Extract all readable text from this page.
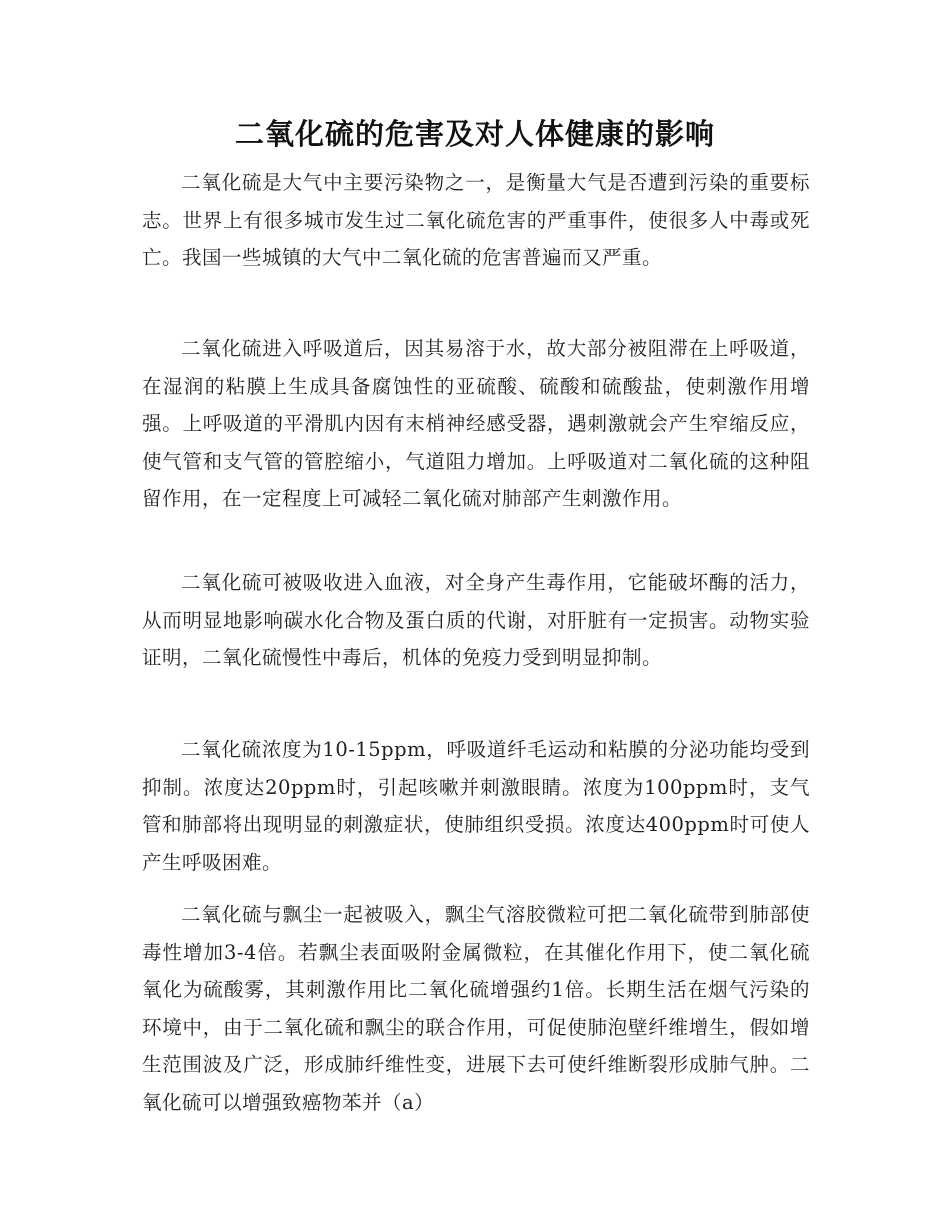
二氧化硫的危害及对人体健康的影响
二氧化硫是大气中主要污染物之一，是衡量大气是否遭到污染的重要标志。世界上有很多城市发生过二氧化硫危害的严重事件，使很多人中毒或死亡。我国一些城镇的大气中二氧化硫的危害普遍而又严重。
二氧化硫进入呼吸道后，因其易溶于水，故大部分被阻滞在上呼吸道，在湿润的粘膜上生成具备腐蚀性的亚硫酸、硫酸和硫酸盐，使刺激作用增强。上呼吸道的平滑肌内因有末梢神经感受器，遇刺激就会产生窄缩反应，使气管和支气管的管腔缩小，气道阻力增加。上呼吸道对二氧化硫的这种阻留作用，在一定程度上可减轻二氧化硫对肺部产生刺激作用。
二氧化硫可被吸收进入血液，对全身产生毒作用，它能破坏酶的活力，从而明显地影响碳水化合物及蛋白质的代谢，对肝脏有一定损害。动物实验证明，二氧化硫慢性中毒后，机体的免疫力受到明显抑制。
二氧化硫浓度为10-15ppm，呼吸道纤毛运动和粘膜的分泌功能均受到抑制。浓度达20ppm时，引起咳嗽并刺激眼睛。浓度为100ppm时，支气管和肺部将出现明显的刺激症状，使肺组织受损。浓度达400ppm时可使人产生呼吸困难。
二氧化硫与飘尘一起被吸入，飘尘气溶胶微粒可把二氧化硫带到肺部使毒性增加3-4倍。若飘尘表面吸附金属微粒，在其催化作用下，使二氧化硫氧化为硫酸雾，其刺激作用比二氧化硫增强约1倍。长期生活在烟气污染的环境中，由于二氧化硫和飘尘的联合作用，可促使肺泡壁纤维增生，假如增生范围波及广泛，形成肺纤维性变，进展下去可使纤维断裂形成肺气肿。二氧化硫可以增强致癌物苯并（a）
